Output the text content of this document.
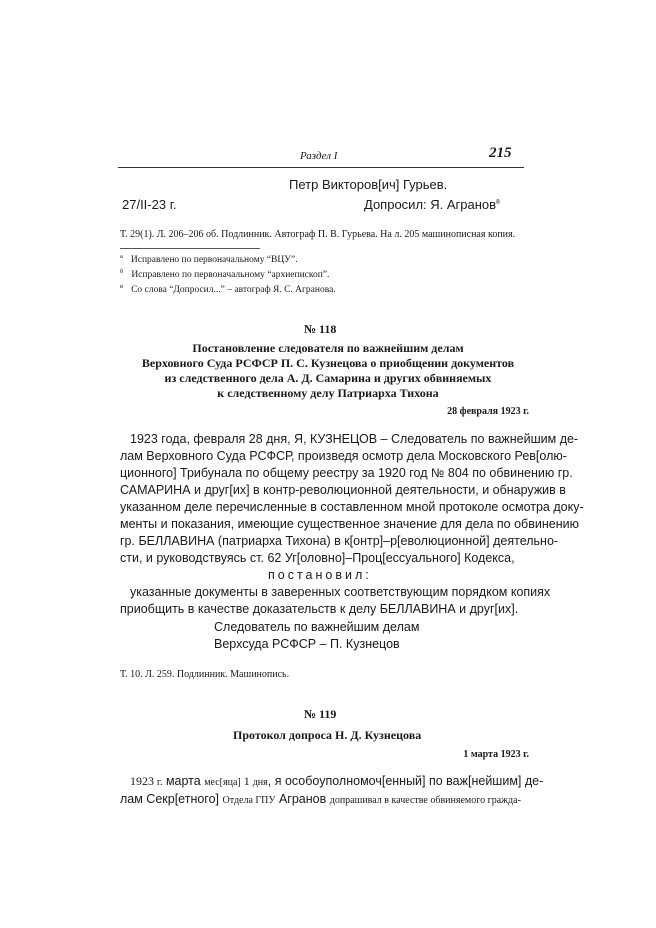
Раздел I	215
Петр Викторов[ич] Гурьев.
27/II-23 г.	Допросил: Я. Агранов$^в$
Т. 29(1). Л. 206–206 об. Подлинник. Автограф П. В. Гурьева. На л. 205 машинописная копия.
$^а$ Исправлено по первоначальному “ВЦУ”.
$^б$ Исправлено по первоначальному “архиепископ”.
$^в$ Со слова “Допросил...” – автограф Я. С. Агранова.
№ 118
Постановление следователя по важнейшим делам
Верховного Суда РСФСР П. С. Кузнецова о приобщении документов
из следственного дела А. Д. Самарина и других обвиняемых
к следственному делу Патриарха Тихона
28 февраля 1923 г.
1923 года, февраля 28 дня, Я, КУЗНЕЦОВ – Следователь по важнейшим де-
лам Верховного Суда РСФСР, произведя осмотр дела Московского Рев[олю-
ционного] Трибунала по общему реестру за 1920 год № 804 по обвинению гр.
САМАРИНА и друг[их] в контр-революционной деятельности, и обнаружив в
указанном деле перечисленные в составленном мной протоколе осмотра доку-
менты и показания, имеющие существенное значение для дела по обвинению
гр. БЕЛЛАВИНА (патриарха Тихона) в к[онтр]–р[еволюционной] деятельно-
сти, и руководствуясь ст. 62 Уг[оловно]–Проц[ессуального] Кодекса,
постановил:
указанные документы в заверенных соответствующим порядком копиях
приобщить в качестве доказательств к делу БЕЛЛАВИНА и друг[их].
Следователь по важнейшим делам
Верхсуда РСФСР – П. Кузнецов
Т. 10. Л. 259. Подлинник. Машинопись.
№ 119
Протокол допроса Н. Д. Кузнецова
1 марта 1923 г.
1923 г. марта мес[яца] 1 дня, я особоуполномоч[енный] по важ[нейшим] де-
лам Секр[етного] Отдела ГПУ Агранов допрашивал в качестве обвиняемого гражда-
